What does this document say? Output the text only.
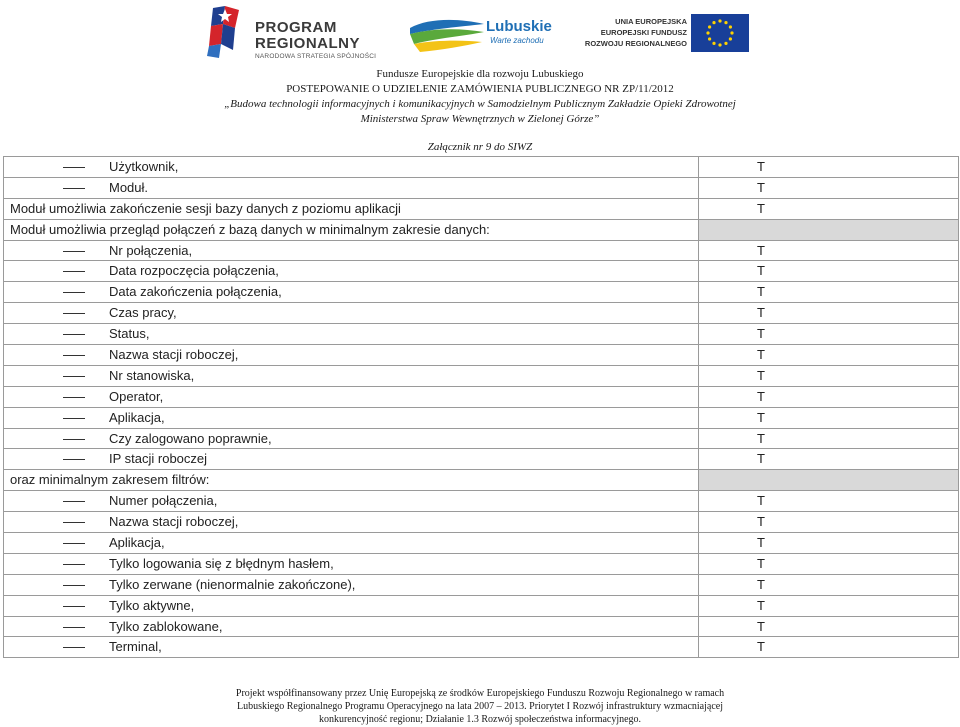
PROGRAM
REGIONALNY
NARODOWA STRATEGIA SPÓJNOŚCI
Lubuskie
Warte zachodu
UNIA EUROPEJSKA
EUROPEJSKI FUNDUSZ
ROZWOJU REGIONALNEGO
Fundusze Europejskie dla rozwoju Lubuskiego
POSTEPOWANIE O UDZIELENIE ZAMÓWIENIA PUBLICZNEGO NR ZP/11/2012
„Budowa technologii informacyjnych i komunikacyjnych w Samodzielnym Publicznym Zakładzie Opieki Zdrowotnej
Ministerstwa Spraw Wewnętrznych w Zielonej Górze”
Załącznik nr 9 do SIWZ
Użytkownik,	T
Moduł.	T
Moduł umożliwia zakończenie sesji bazy danych z poziomu aplikacji	T
Moduł umożliwia przegląd połączeń z bazą danych w minimalnym zakresie danych:
Nr połączenia,	T
Data rozpoczęcia połączenia,	T
Data zakończenia połączenia,	T
Czas pracy,	T
Status,	T
Nazwa stacji roboczej,	T
Nr stanowiska,	T
Operator,	T
Aplikacja,	T
Czy zalogowano poprawnie,	T
IP stacji roboczej	T
oraz minimalnym zakresem filtrów:
Numer połączenia,	T
Nazwa stacji roboczej,	T
Aplikacja,	T
Tylko logowania się z błędnym hasłem,	T
Tylko zerwane (nienormalnie zakończone),	T
Tylko aktywne,	T
Tylko zablokowane,	T
Terminal,	T
Projekt współfinansowany przez Unię Europejską ze środków Europejskiego Funduszu Rozwoju Regionalnego w ramach
Lubuskiego Regionalnego Programu Operacyjnego na lata 2007 – 2013. Priorytet I Rozwój infrastruktury wzmacniającej
konkurencyjność regionu; Działanie 1.3 Rozwój społeczeństwa informacyjnego.
